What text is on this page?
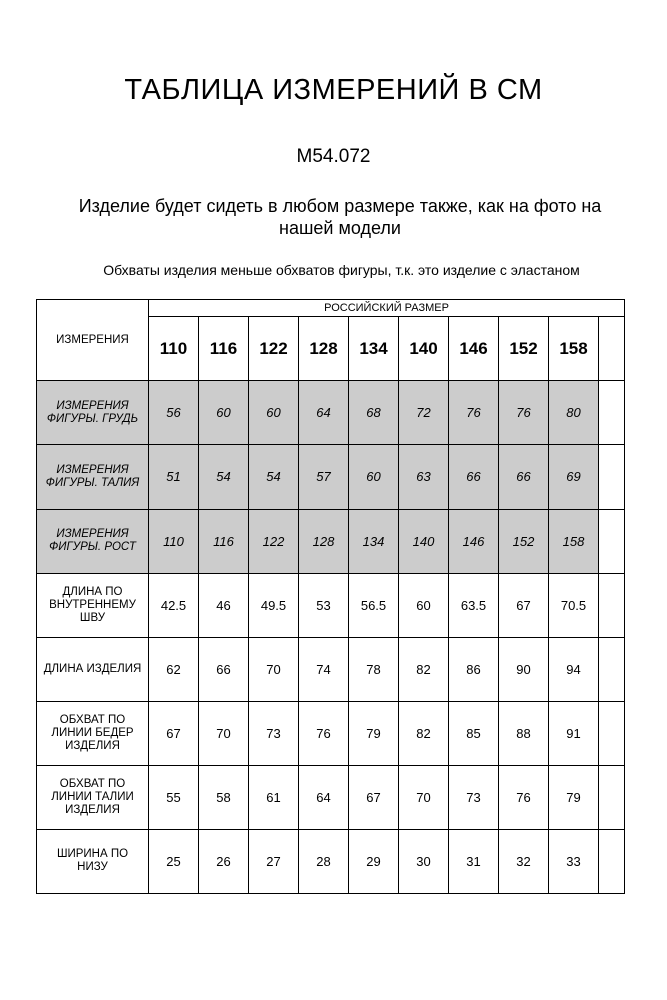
ТАБЛИЦА ИЗМЕРЕНИЙ В СМ
М54.072
Изделие будет сидеть в любом размере также, как на фото на нашей модели
Обхваты изделия меньше обхватов фигуры, т.к. это изделие с эластаном
ИЗМЕРЕНИЯ	РОССИЙСКИЙ РАЗМЕР									
	110	116	122	128	134	140	146	152	158	
ИЗМЕРЕНИЯ ФИГУРЫ. ГРУДЬ	56	60	60	64	68	72	76	76	80	
ИЗМЕРЕНИЯ ФИГУРЫ. ТАЛИЯ	51	54	54	57	60	63	66	66	69	
ИЗМЕРЕНИЯ ФИГУРЫ. РОСТ	110	116	122	128	134	140	146	152	158	
ДЛИНА ПО ВНУТРЕННЕМУ ШВУ	42.5	46	49.5	53	56.5	60	63.5	67	70.5	
ДЛИНА ИЗДЕЛИЯ	62	66	70	74	78	82	86	90	94	
ОБХВАТ ПО ЛИНИИ БЕДЕР ИЗДЕЛИЯ	67	70	73	76	79	82	85	88	91	
ОБХВАТ ПО ЛИНИИ ТАЛИИ ИЗДЕЛИЯ	55	58	61	64	67	70	73	76	79	
ШИРИНА ПО НИЗУ	25	26	27	28	29	30	31	32	33	
